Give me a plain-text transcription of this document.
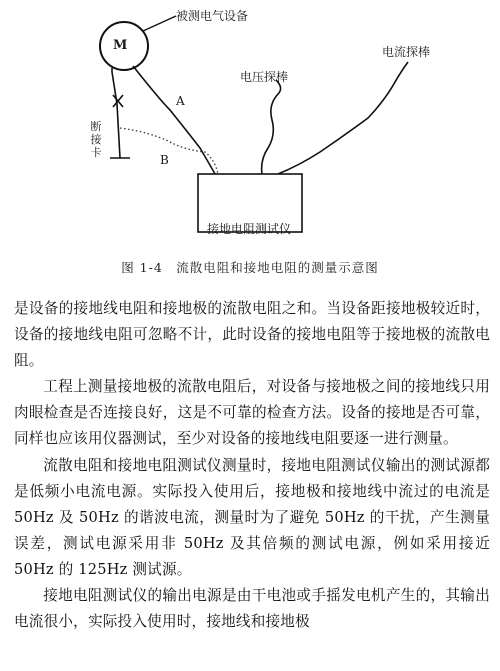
M
被测电气设备
电流探棒
电压探棒
断接卡
A
B
接地电阻测试仪
图 1-4　流散电阻和接地电阻的测量示意图

是设备的接地线电阻和接地极的流散电阻之和。当设备距接地极较近时，设备的接地线电阻可忽略不计，此时设备的接地电阻等于接地极的流散电阻。

工程上测量接地极的流散电阻后，对设备与接地极之间的接地线只用肉眼检查是否连接良好，这是不可靠的检查方法。设备的接地是否可靠，同样也应该用仪器测试，至少对设备的接地线电阻要逐一进行测量。

流散电阻和接地电阻测试仪测量时，接地电阻测试仪输出的测试源都是低频小电流电源。实际投入使用后，接地极和接地线中流过的电流是 50Hz 及 50Hz 的谐波电流，测量时为了避免 50Hz 的干扰，产生测量误差，测试电源采用非 50Hz 及其倍频的测试电源，例如采用接近 50Hz 的 125Hz 测试源。

接地电阻测试仪的输出电源是由干电池或手摇发电机产生的，其输出电流很小，实际投入使用时，接地线和接地极
